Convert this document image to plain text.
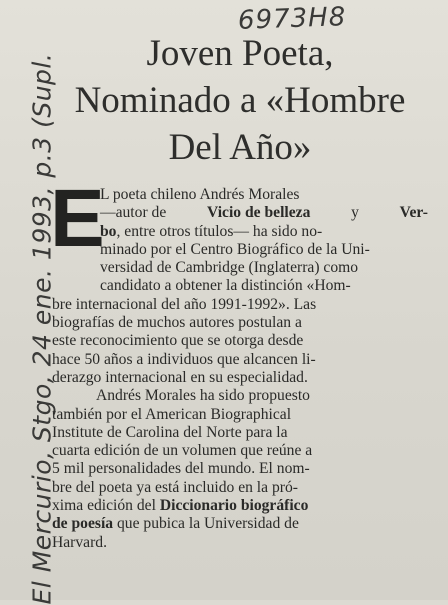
6973H8
El Mercurio, Stgo, 24 ene. 1993, p.3 (Supl.	Joven Poeta,
Nominado a «Hombre
Del Año»
E
L poeta chileno Andrés Morales
—autor de	Vicio de belleza	y	Ver-
bo , entre otros títulos— ha sido no-
minado por el Centro Biográfico de la Uni-
versidad de Cambridge (Inglaterra) como
candidato a obtener la distinción «Hom-
bre internacional del año 1991-1992». Las
biografías de muchos autores postulan a
este reconocimiento que se otorga desde
hace 50 años a individuos que alcancen li-
derazgo internacional en su especialidad.
Andrés Morales ha sido propuesto
también por el American Biographical
Institute de Carolina del Norte para la
cuarta edición de un volumen que reúne a
5 mil personalidades del mundo. El nom-
bre del poeta ya está incluido en la pró-
xima edición del
Diccionario biográfico
de poesía
que pubica la Universidad de
Harvard.
